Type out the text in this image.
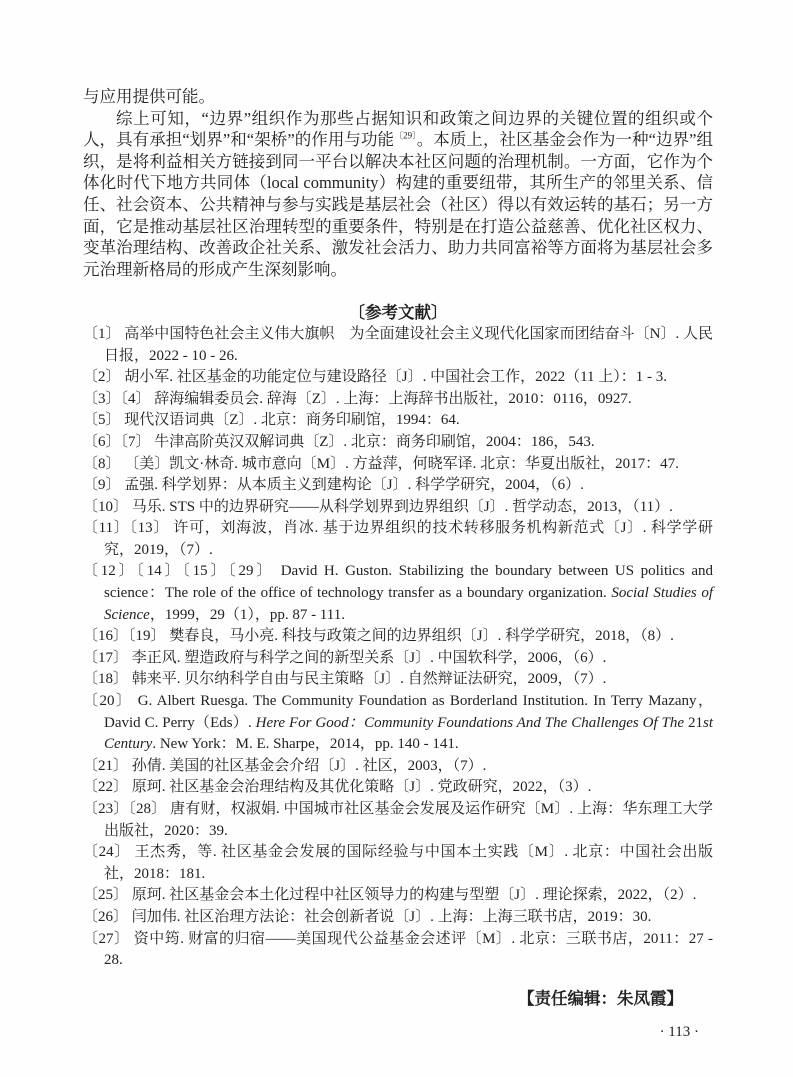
与应用提供可能。

综上可知，“边界”组织作为那些占据知识和政策之间边界的关键位置的组织或个人，具有承担“划界”和“架桥”的作用与功能$^{〔29〕}$。本质上，社区基金会作为一种“边界”组织，是将利益相关方链接到同一平台以解决本社区问题的治理机制。一方面，它作为个体化时代下地方共同体（local community）构建的重要纽带，其所生产的邻里关系、信任、社会资本、公共精神与参与实践是基层社会（社区）得以有效运转的基石；另一方面，它是推动基层社区治理转型的重要条件，特别是在打造公益慈善、优化社区权力、变革治理结构、改善政企社关系、激发社会活力、助力共同富裕等方面将为基层社会多元治理新格局的形成产生深刻影响。

〔参考文献〕
〔1〕 高举中国特色社会主义伟大旗帜　为全面建设社会主义现代化国家而团结奋斗〔N〕. 人民日报，2022 - 10 - 26.
〔2〕 胡小军. 社区基金的功能定位与建设路径〔J〕. 中国社会工作，2022（11 上）：1 - 3.
〔3〕〔4〕 辞海编辑委员会. 辞海〔Z〕. 上海：上海辞书出版社，2010：0116，0927.
〔5〕 现代汉语词典〔Z〕. 北京：商务印刷馆，1994：64.
〔6〕〔7〕 牛津高阶英汉双解词典〔Z〕. 北京：商务印刷馆，2004：186，543.
〔8〕 〔美〕凯文·林奇. 城市意向〔M〕. 方益萍，何晓军译. 北京：华夏出版社，2017：47.
〔9〕 孟强. 科学划界：从本质主义到建构论〔J〕. 科学学研究，2004，（6）.
〔10〕 马乐. STS 中的边界研究——从科学划界到边界组织〔J〕. 哲学动态，2013，（11）.
〔11〕〔13〕 许可，刘海波，肖冰. 基于边界组织的技术转移服务机构新范式〔J〕. 科学学研究，2019，（7）.
〔12〕〔14〕〔15〕〔29〕 David H. Guston. Stabilizing the boundary between US politics and science：The role of the office of technology transfer as a boundary organization. Social Studies of Science，1999，29（1），pp. 87 - 111.
〔16〕〔19〕 樊春良，马小亮. 科技与政策之间的边界组织〔J〕. 科学学研究，2018，（8）.
〔17〕 李正风. 塑造政府与科学之间的新型关系〔J〕. 中国软科学，2006，（6）.
〔18〕 韩来平. 贝尔纳科学自由与民主策略〔J〕. 自然辩证法研究，2009，（7）.
〔20〕 G. Albert Ruesga. The Community Foundation as Borderland Institution. In Terry Mazany，David C. Perry（Eds）. Here For Good：Community Foundations And The Challenges Of The 21st Century. New York：M. E. Sharpe，2014，pp. 140 - 141.
〔21〕 孙倩. 美国的社区基金会介绍〔J〕. 社区，2003，（7）.
〔22〕 原珂. 社区基金会治理结构及其优化策略〔J〕. 党政研究，2022，（3）.
〔23〕〔28〕 唐有财，权淑娟. 中国城市社区基金会发展及运作研究〔M〕. 上海：华东理工大学出版社，2020：39.
〔24〕 王杰秀，等. 社区基金会发展的国际经验与中国本土实践〔M〕. 北京：中国社会出版社，2018：181.
〔25〕 原珂. 社区基金会本土化过程中社区领导力的构建与型塑〔J〕. 理论探索，2022，（2）.
〔26〕 闫加伟. 社区治理方法论：社会创新者说〔J〕. 上海：上海三联书店，2019：30.
〔27〕 资中筠. 财富的归宿——美国现代公益基金会述评〔M〕. 北京：三联书店，2011：27 - 28.
【责任编辑：朱凤霞】
· 113 ·
